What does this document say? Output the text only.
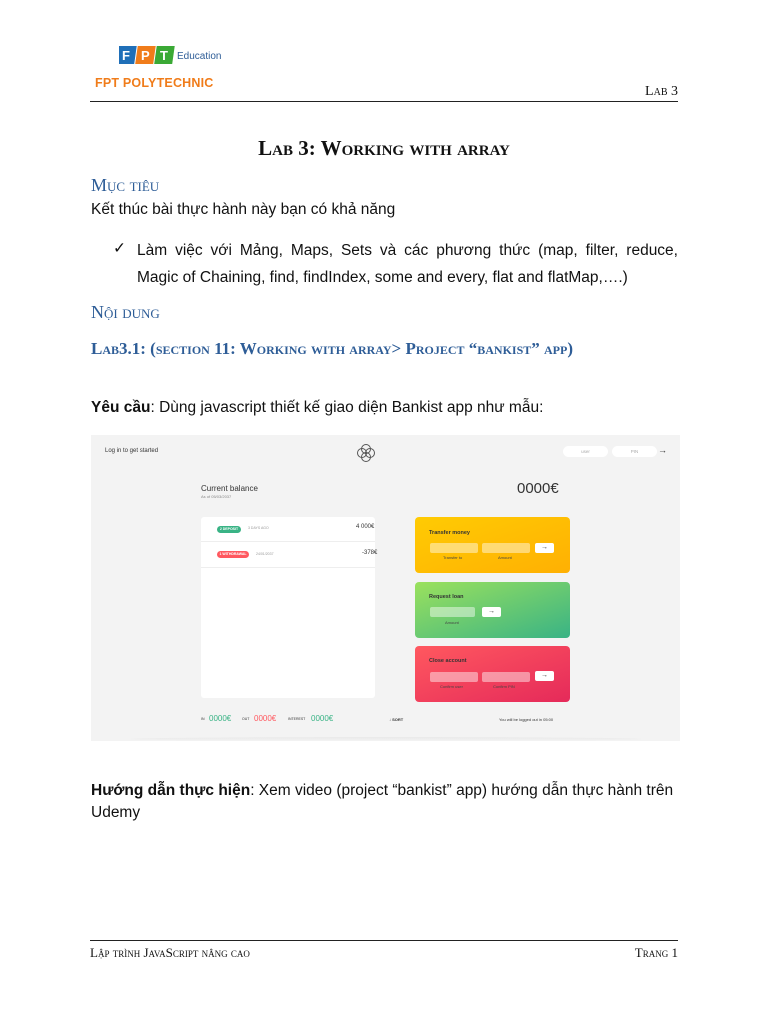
F P T Education
FPT POLYTECHNIC
Lab 3
Lab 3: Working with array
Mục tiêu
Kết thúc bài thực hành này bạn có khả năng
✓ Làm việc với Mảng, Maps, Sets và các phương thức (map, filter, reduce, Magic of Chaining, find, findIndex, some and every, flat and flatMap,….)
Nội dung
Lab3.1: (section 11: Working with array> Project “bankist” app)
Yêu cầu: Dùng javascript thiết kế giao diện Bankist app như mẫu:
Log in to get started	user	PIN	→
Current balance
As of 05/03/2037	0000€
2 DEPOSIT	3 DAYS AGO	4 000€
1 WITHDRAWAL	24/01/2037	-378€
Transfer money
→
Transfer to	Amount
Request loan
→
Amount
Close account
→
Confirm user	Confirm PIN
IN 0000€	OUT 0000€	INTEREST 0000€	↓ SORT	You will be logged out in 05:00
Hướng dẫn thực hiện: Xem video (project “bankist” app) hướng dẫn thực hành trên Udemy
Lập trình JavaScript nâng cao	Trang 1
